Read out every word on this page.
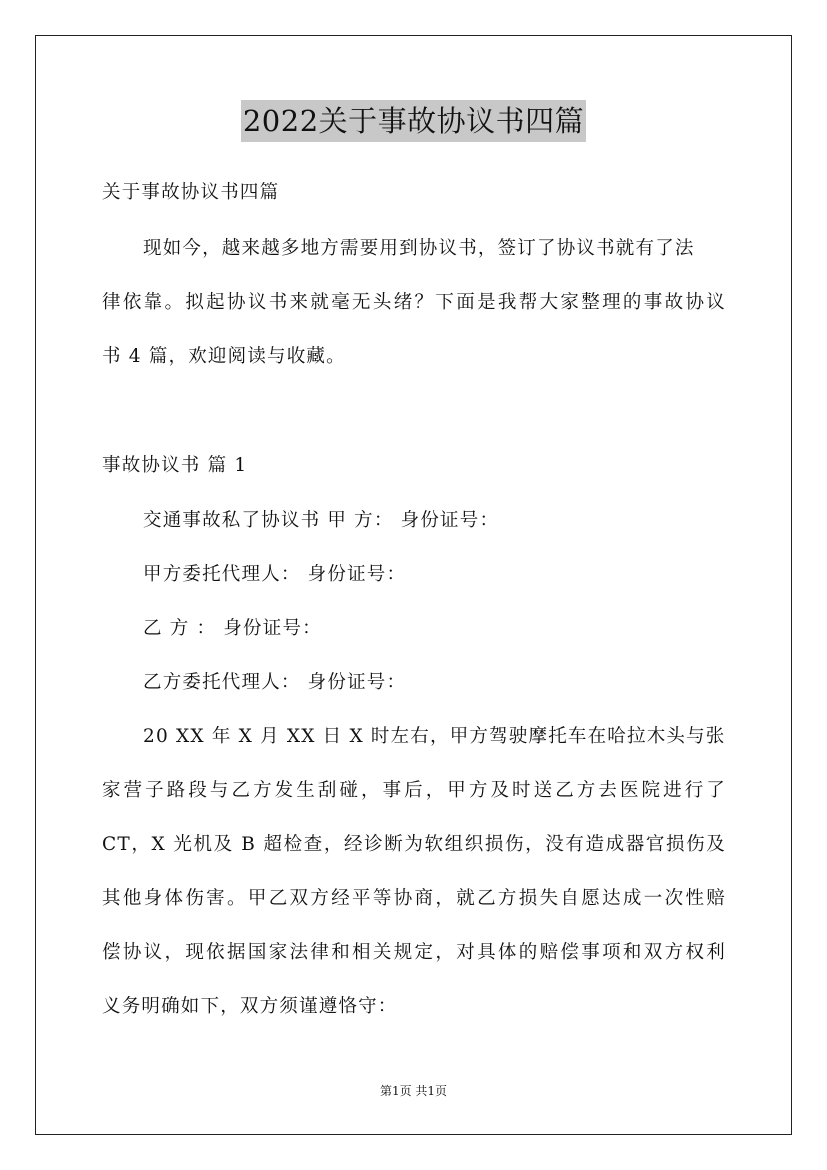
2022关于事故协议书四篇
关于事故协议书四篇
现如今，越来越多地方需要用到协议书，签订了协议书就有了法
律依靠。拟起协议书来就毫无头绪？下面是我帮大家整理的事故协议
书 4 篇，欢迎阅读与收藏。
事故协议书 篇 1
交通事故私了协议书 甲 方： 身份证号：
甲方委托代理人： 身份证号：
乙 方 ： 身份证号：
乙方委托代理人： 身份证号：
20 XX 年 X 月 XX 日 X 时左右，甲方驾驶摩托车在哈拉木头与张
家营子路段与乙方发生刮碰，事后，甲方及时送乙方去医院进行了
CT，X 光机及 B 超检查，经诊断为软组织损伤，没有造成器官损伤及
其他身体伤害。甲乙双方经平等协商，就乙方损失自愿达成一次性赔
偿协议，现依据国家法律和相关规定，对具体的赔偿事项和双方权利
义务明确如下，双方须谨遵恪守：
第1页 共1页
